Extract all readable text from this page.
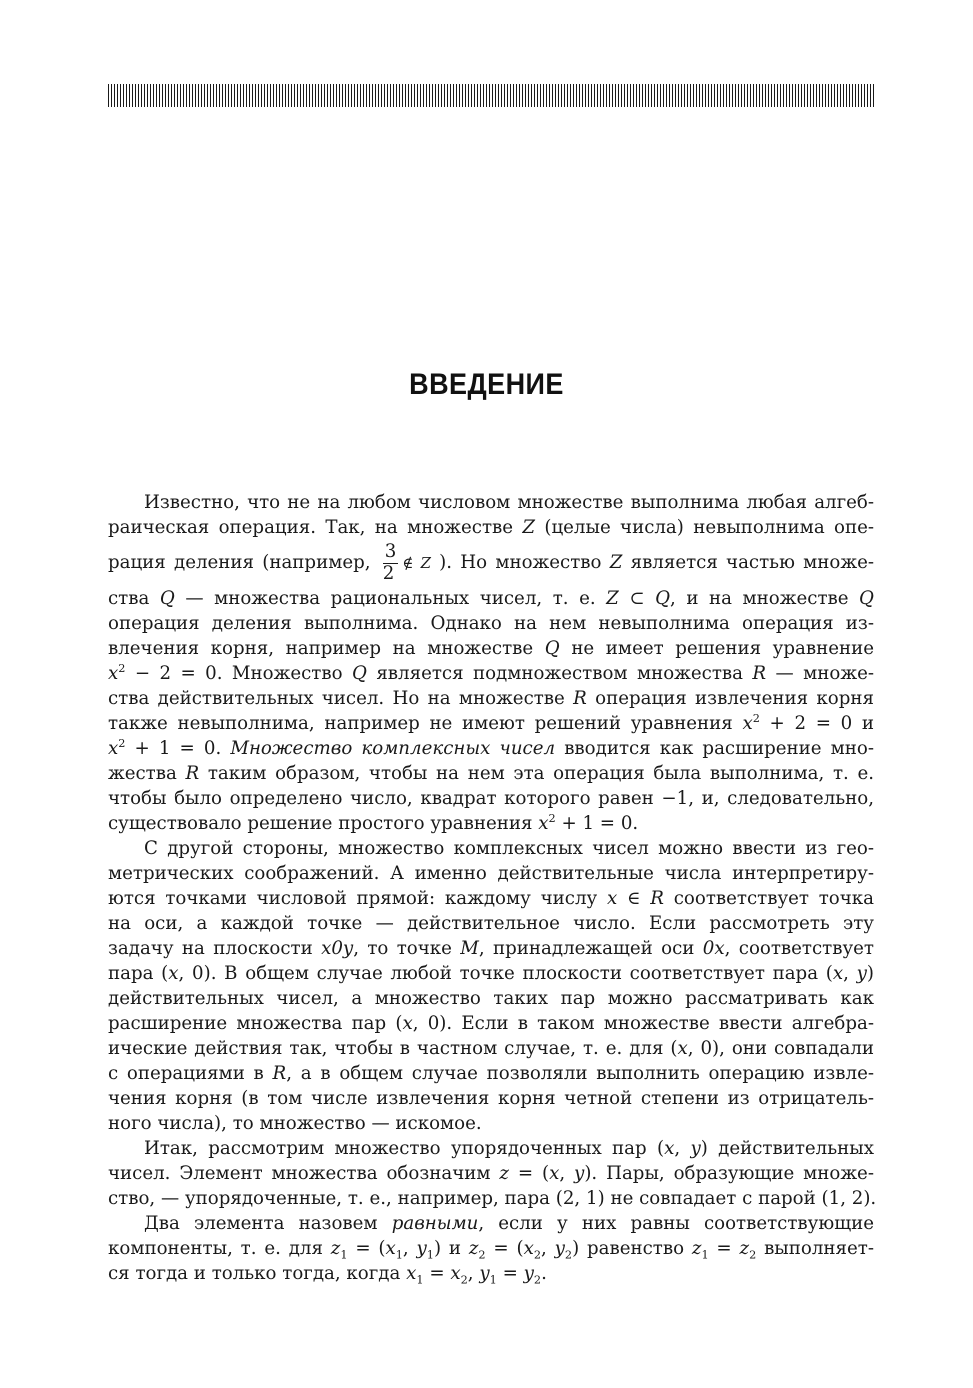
ВВЕДЕНИЕ
Известно, что не на любом числовом множестве выполнима любая алгеб-
раическая операция. Так, на множестве Z (целые числа) невыполнима опе-
рация деления (например, $\frac{3}{2}$ ∉ Z ). Но множество Z является частью множе-
ства Q — множества рациональных чисел, т. е. Z ⊂ Q, и на множестве Q
операция деления выполнима. Однако на нем невыполнима операция из-
влечения корня, например на множестве Q не имеет решения уравнение
$x^2 - 2 = 0$. Множество Q является подмножеством множества R — множе-
ства действительных чисел. Но на множестве R операция извлечения корня
также невыполнима, например не имеют решений уравнения $x^2 + 2 = 0$ и
$x^2 + 1 = 0$. Множество комплексных чисел вводится как расширение мно-
жества R таким образом, чтобы на нем эта операция была выполнима, т. е.
чтобы было определено число, квадрат которого равен −1, и, следовательно,
существовало решение простого уравнения $x^2 + 1 = 0$.
С другой стороны, множество комплексных чисел можно ввести из гео-
метрических соображений. А именно действительные числа интерпретиру-
ются точками числовой прямой: каждому числу x ∈ R соответствует точка
на оси, а каждой точке — действительное число. Если рассмотреть эту
задачу на плоскости x0y, то точке M, принадлежащей оси 0x, соответствует
пара (x, 0). В общем случае любой точке плоскости соответствует пара (x, y)
действительных чисел, а множество таких пар можно рассматривать как
расширение множества пар (x, 0). Если в таком множестве ввести алгебра-
ические действия так, чтобы в частном случае, т. е. для (x, 0), они совпадали
с операциями в R, а в общем случае позволяли выполнить операцию извле-
чения корня (в том числе извлечения корня четной степени из отрицатель-
ного числа), то множество — искомое.
Итак, рассмотрим множество упорядоченных пар (x, y) действительных
чисел. Элемент множества обозначим z = (x, y). Пары, образующие множе-
ство, — упорядоченные, т. е., например, пара (2, 1) не совпадает с парой (1, 2).
Два элемента назовем равными, если у них равны соответствующие
компоненты, т. е. для $z_1 = (x_1$, $y_1$) и $z_2 = (x_2$, $y_2$) равенство $z_1 = z_2$ выполняет-
ся тогда и только тогда, когда $x_1 = x_2$, $y_1 = y_2$.
